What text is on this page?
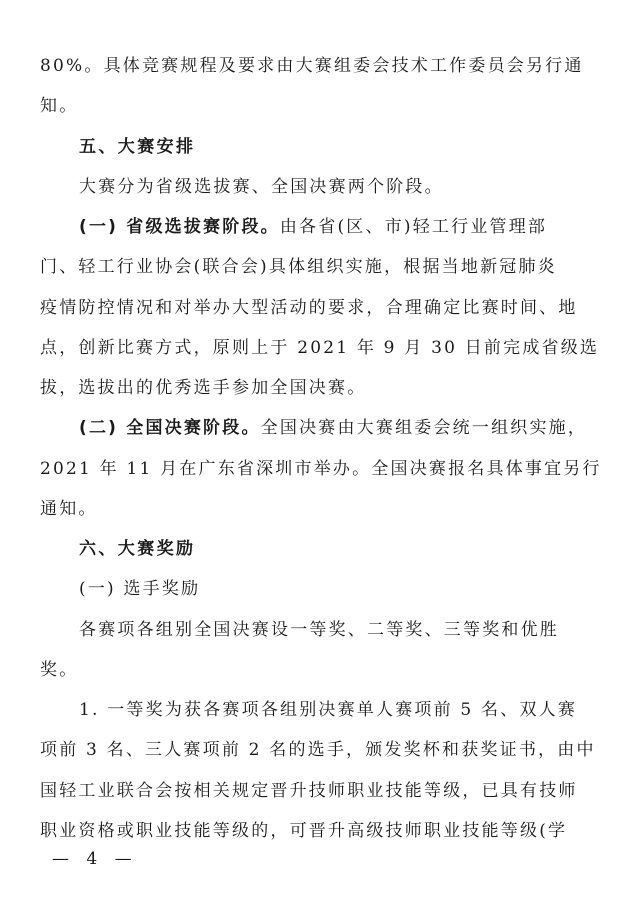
80%。具体竞赛规程及要求由大赛组委会技术工作委员会另行通
知。
五、大赛安排
大赛分为省级选拔赛、全国决赛两个阶段。
(一) 省级选拔赛阶段。由各省(区、市)轻工行业管理部
门、轻工行业协会(联合会)具体组织实施，根据当地新冠肺炎
疫情防控情况和对举办大型活动的要求，合理确定比赛时间、地
点，创新比赛方式，原则上于 2021 年 9 月 30 日前完成省级选
拔，选拔出的优秀选手参加全国决赛。
(二) 全国决赛阶段。全国决赛由大赛组委会统一组织实施，
2021 年 11 月在广东省深圳市举办。全国决赛报名具体事宜另行
通知。
六、大赛奖励
(一) 选手奖励
各赛项各组别全国决赛设一等奖、二等奖、三等奖和优胜
奖。
1. 一等奖为获各赛项各组别决赛单人赛项前 5 名、双人赛
项前 3 名、三人赛项前 2 名的选手，颁发奖杯和获奖证书，由中
国轻工业联合会按相关规定晋升技师职业技能等级，已具有技师
职业资格或职业技能等级的，可晋升高级技师职业技能等级(学
— 4 —
